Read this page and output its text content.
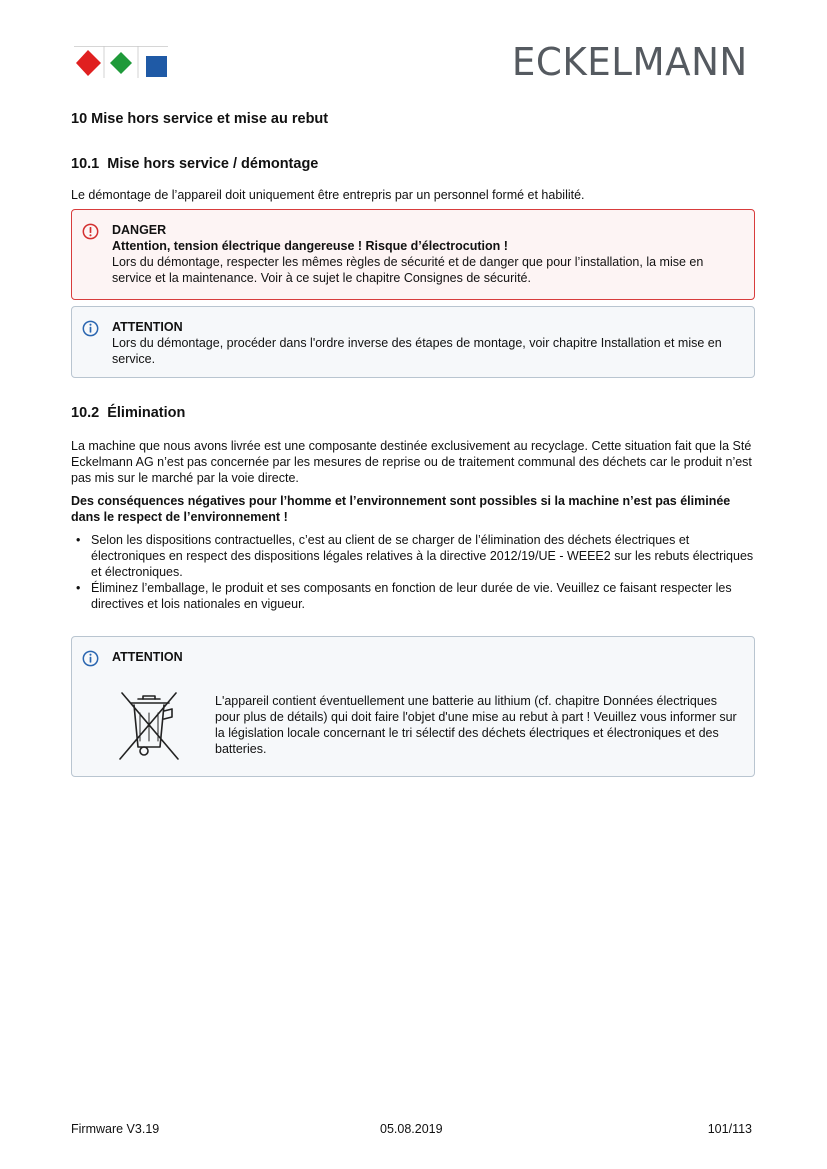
ECKELMANN
10 Mise hors service et mise au rebut
10.1 Mise hors service / démontage

Le démontage de l’appareil doit uniquement être entrepris par un personnel formé et habilité.

DANGER
Attention, tension électrique dangereuse ! Risque d’électrocution !
Lors du démontage, respecter les mêmes règles de sécurité et de danger que pour l’installation, la mise en service et la maintenance. Voir à ce sujet le chapitre Consignes de sécurité.
ATTENTION
Lors du démontage, procéder dans l'ordre inverse des étapes de montage, voir chapitre Installation et mise en service.
10.2 Élimination

La machine que nous avons livrée est une composante destinée exclusivement au recyclage. Cette situation fait que la Sté Eckelmann AG n’est pas concernée par les mesures de reprise ou de traitement communal des déchets car le produit n’est pas mis sur le marché par la voie directe.

Des conséquences négatives pour l’homme et l’environnement sont possibles si la machine n’est pas éliminée dans le respect de l’environnement !

• Selon les dispositions contractuelles, c’est au client de se charger de l’élimination des déchets électriques et électroniques en respect des dispositions légales relatives à la directive 2012/19/UE - WEEE2 sur les rebuts électriques et électroniques.
• Éliminez l’emballage, le produit et ses composants en fonction de leur durée de vie. Veuillez ce faisant respecter les directives et lois nationales en vigueur.
ATTENTION
L'appareil contient éventuellement une batterie au lithium (cf. chapitre Données électriques pour plus de détails) qui doit faire l'objet d'une mise au rebut à part ! Veuillez vous informer sur la législation locale concernant le tri sélectif des déchets électriques et électroniques et des batteries.
Firmware V3.19	05.08.2019	101/113
